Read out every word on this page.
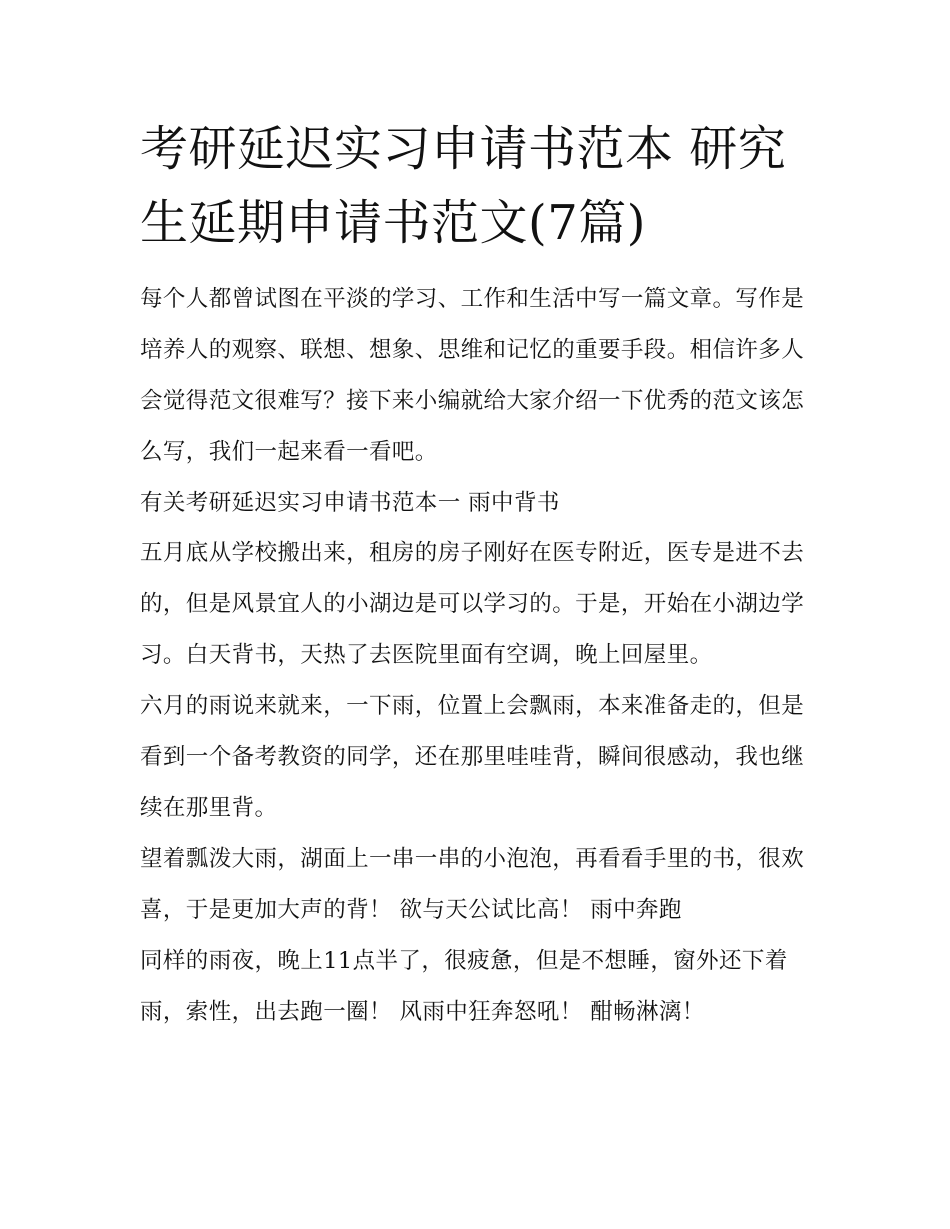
考研延迟实习申请书范本 研究生延期申请书范文(7篇)

每个人都曾试图在平淡的学习、工作和生活中写一篇文章。写作是培养人的观察、联想、想象、思维和记忆的重要手段。相信许多人会觉得范文很难写？接下来小编就给大家介绍一下优秀的范文该怎么写，我们一起来看一看吧。

有关考研延迟实习申请书范本一 雨中背书

五月底从学校搬出来，租房的房子刚好在医专附近，医专是进不去的，但是风景宜人的小湖边是可以学习的。于是，开始在小湖边学习。白天背书，天热了去医院里面有空调，晚上回屋里。

六月的雨说来就来，一下雨，位置上会飘雨，本来准备走的，但是看到一个备考教资的同学，还在那里哇哇背，瞬间很感动，我也继续在那里背。

望着瓢泼大雨，湖面上一串一串的小泡泡，再看看手里的书，很欢喜，于是更加大声的背！ 欲与天公试比高！ 雨中奔跑

同样的雨夜，晚上11点半了，很疲惫，但是不想睡，窗外还下着雨，索性，出去跑一圈！ 风雨中狂奔怒吼！ 酣畅淋漓！
